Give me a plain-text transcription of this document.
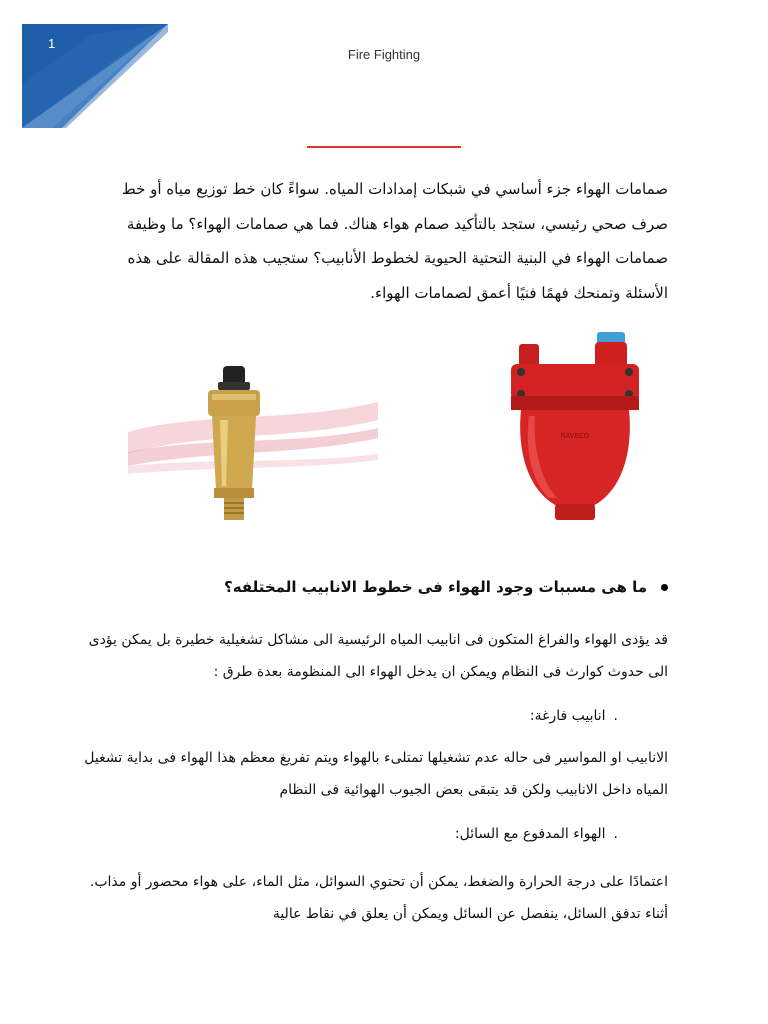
1
Fire Fighting
صمامات الهواء جزء أساسي في شبكات إمدادات المياه. سواءً كان خط توزيع مياه أو خط صرف صحي رئيسي، ستجد بالتأكيد صمام هواء هناك. فما هي صمامات الهواء؟ ما وظيفة صمامات الهواء في البنية التحتية الحيوية لخطوط الأنابيب؟ ستجيب هذه المقالة على هذه الأسئلة وتمنحك فهمًا فنيًا أعمق لصمامات الهواء.
RAVECO
ما هى مسببات وجود الهواء فى خطوط الانابيب المختلفه؟
قد يؤدى الهواء والفراغ المتكون فى انابيب المياه الرئيسية الى مشاكل تشغيلية خطيرة بل يمكن يؤدى الى حدوث كوارث فى النظام ويمكن ان يدخل الهواء الى المنظومة بعدة طرق :
.انابيب فارغة:
الانابيب او المواسير فى حاله عدم تشغيلها تمتلىء بالهواء ويتم تفريغ معظم هذا الهواء فى بداية تشغيل المياه داخل الانابيب ولكن قد يتبقى بعض الجيوب الهوائية فى النظام
.الهواء المدفوع مع السائل:
اعتمادًا على درجة الحرارة والضغط، يمكن أن تحتوي السوائل، مثل الماء، على هواء محصور أو مذاب. أثناء تدفق السائل، ينفصل عن السائل ويمكن أن يعلق في نقاط عالية
